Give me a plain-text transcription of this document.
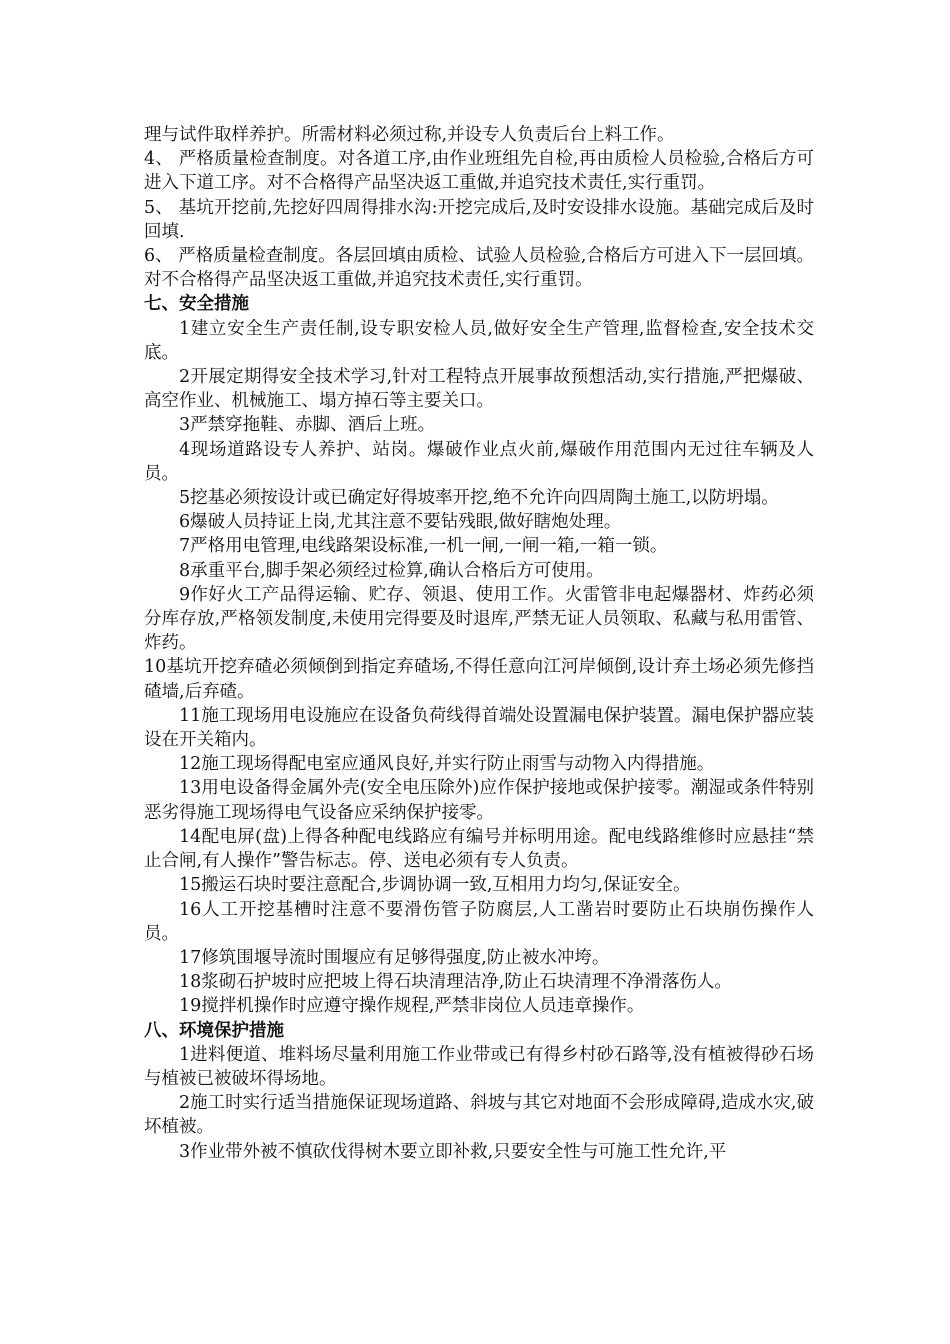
理与试件取样养护。所需材料必须过称,并设专人负责后台上料工作。

4、 严格质量检查制度。对各道工序,由作业班组先自检,再由质检人员检验,合格后方可进入下道工序。对不合格得产品坚决返工重做,并追究技术责任,实行重罚。

5、 基坑开挖前,先挖好四周得排水沟:开挖完成后,及时安设排水设施。基础完成后及时回填.

6、 严格质量检查制度。各层回填由质检、试验人员检验,合格后方可进入下一层回填。对不合格得产品坚决返工重做,并追究技术责任,实行重罚。

七、安全措施

1建立安全生产责任制,设专职安检人员,做好安全生产管理,监督检查,安全技术交底。

2开展定期得安全技术学习,针对工程特点开展事故预想活动,实行措施,严把爆破、高空作业、机械施工、塌方掉石等主要关口。

3严禁穿拖鞋、赤脚、酒后上班。

4现场道路设专人养护、站岗。爆破作业点火前,爆破作用范围内无过往车辆及人员。

5挖基必须按设计或已确定好得坡率开挖,绝不允许向四周陶土施工,以防坍塌。

6爆破人员持证上岗,尤其注意不要钻残眼,做好瞎炮处理。

7严格用电管理,电线路架设标准,一机一闸,一闸一箱,一箱一锁。

8承重平台,脚手架必须经过检算,确认合格后方可使用。

9作好火工产品得运输、贮存、领退、使用工作。火雷管非电起爆器材、炸药必须分库存放,严格领发制度,未使用完得要及时退库,严禁无证人员领取、私藏与私用雷管、炸药。

10基坑开挖弃碴必须倾倒到指定弃碴场,不得任意向江河岸倾倒,设计弃土场必须先修挡碴墙,后弃碴。

11施工现场用电设施应在设备负荷线得首端处设置漏电保护装置。漏电保护器应装设在开关箱内。

12施工现场得配电室应通风良好,并实行防止雨雪与动物入内得措施。

13用电设备得金属外壳(安全电压除外)应作保护接地或保护接零。潮湿或条件特别恶劣得施工现场得电气设备应采纳保护接零。

14配电屏(盘)上得各种配电线路应有编号并标明用途。配电线路维修时应悬挂“禁止合闸,有人操作”警告标志。停、送电必须有专人负责。

15搬运石块时要注意配合,步调协调一致,互相用力均匀,保证安全。

16人工开挖基槽时注意不要滑伤管子防腐层,人工凿岩时要防止石块崩伤操作人员。

17修筑围堰导流时围堰应有足够得强度,防止被水冲垮。

18浆砌石护坡时应把坡上得石块清理洁净,防止石块清理不净滑落伤人。

19搅拌机操作时应遵守操作规程,严禁非岗位人员违章操作。

八、环境保护措施

1进料便道、堆料场尽量利用施工作业带或已有得乡村砂石路等,没有植被得砂石场与植被已被破坏得场地。

2施工时实行适当措施保证现场道路、斜坡与其它对地面不会形成障碍,造成水灾,破坏植被。

3作业带外被不慎砍伐得树木要立即补救,只要安全性与可施工性允许,平
